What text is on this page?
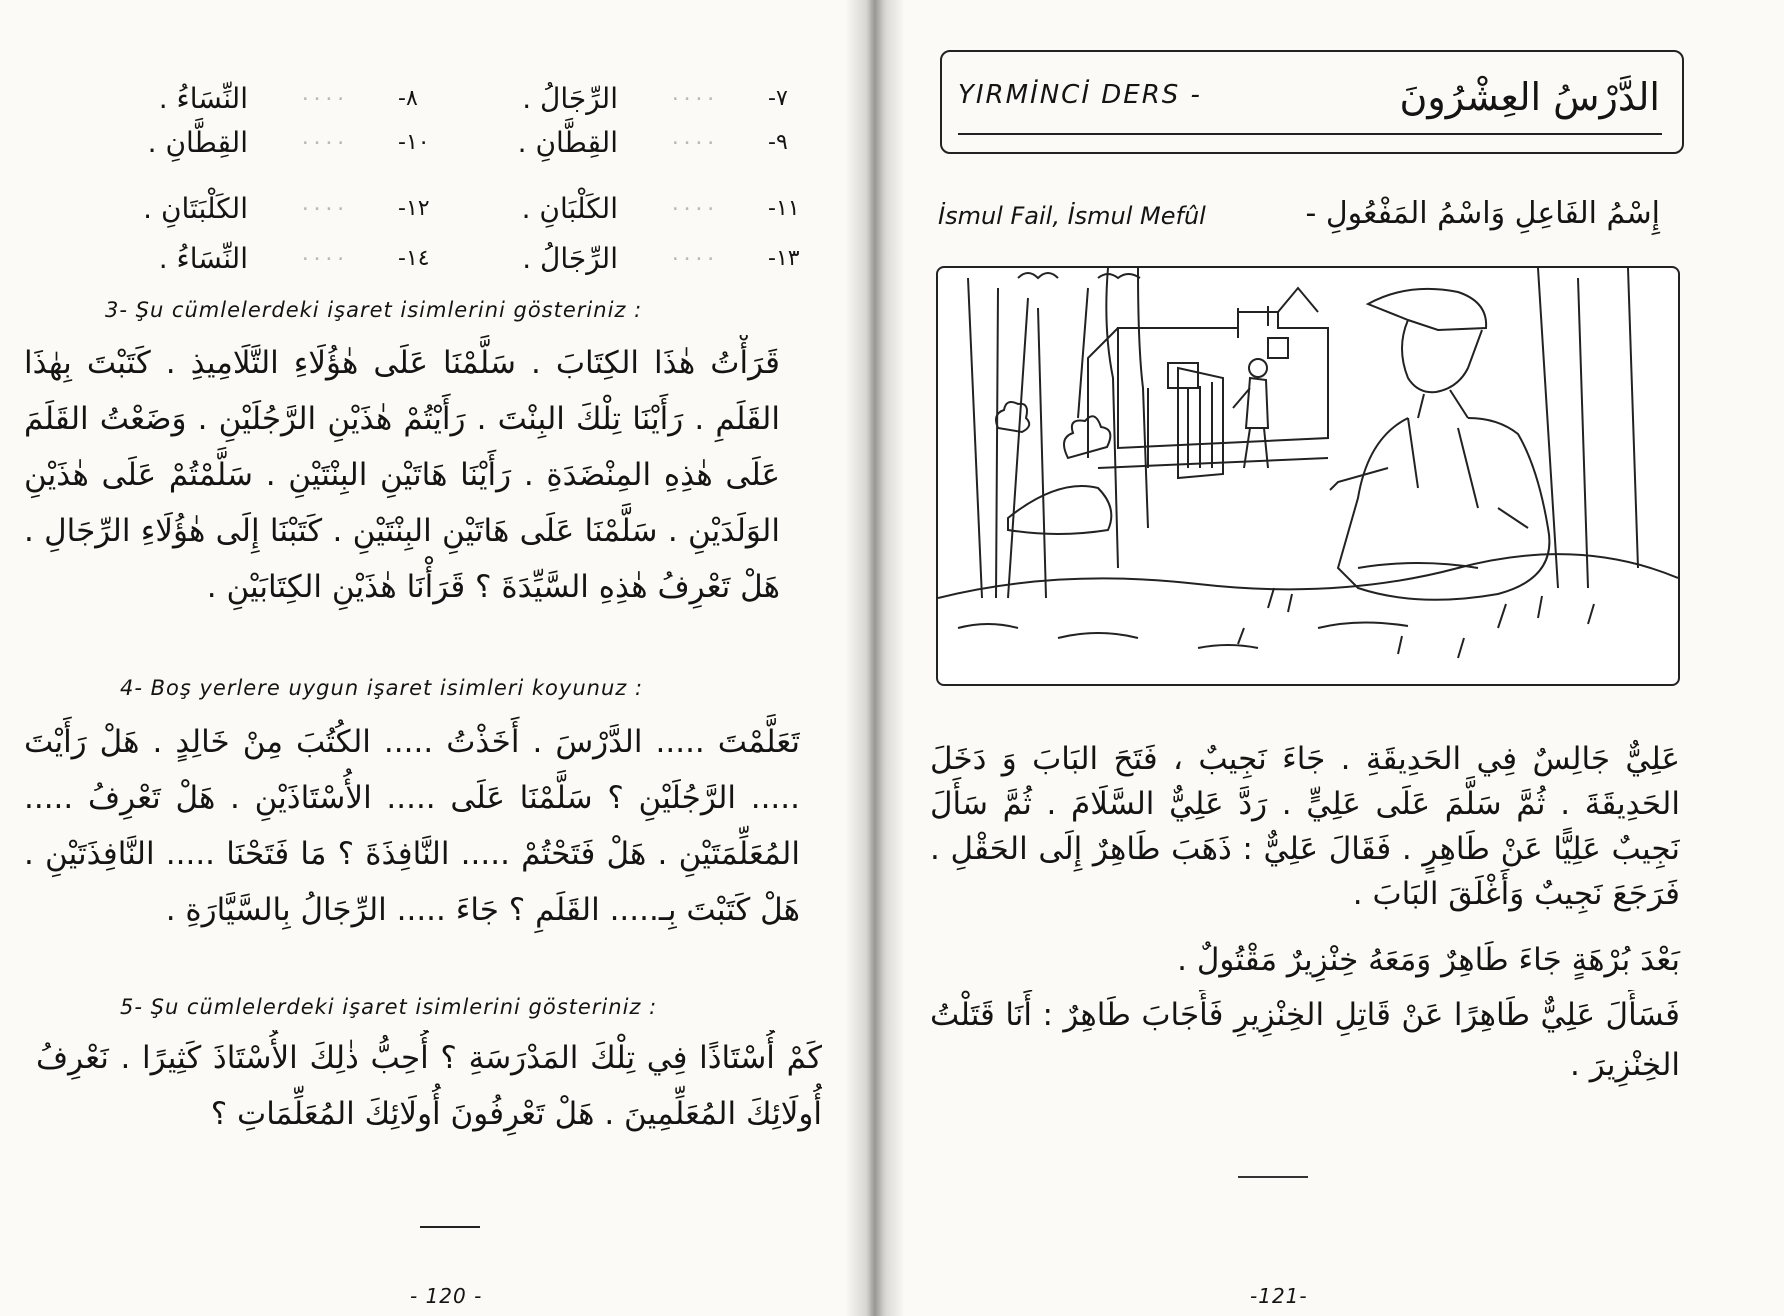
٧-
٠٠٠٠
الرِّجَالُ .
٨-
٠٠٠٠
النِّسَاءُ .
٩-
٠٠٠٠
القِطَّانِ .
١٠-
٠٠٠٠
القِطَّانِ .
١١-
٠٠٠٠
الكَلْبَانِ .
١٢-
٠٠٠٠
الكَلْبَتَانِ .
١٣-
٠٠٠٠
الرِّجَالُ .
١٤-
٠٠٠٠
النِّسَاءُ .
3- Şu cümlelerdeki işaret isimlerini gösteriniz :
قَرَأْتُ هٰذَا الكِتَابَ . سَلَّمْنَا عَلَى هٰؤُلَاءِ التَّلَامِيذِ . كَتَبْتَ بِهٰذَا القَلَمِ . رَأَيْنَا تِلْكَ البِنْتَ . رَأَيْتُمْ هٰذَيْنِ الرَّجُلَيْنِ . وَضَعْتُ القَلَمَ عَلَى هٰذِهِ المِنْضَدَةِ . رَأَيْنَا هَاتَيْنِ البِنْتَيْنِ . سَلَّمْتُمْ عَلَى هٰذَيْنِ الوَلَدَيْنِ . سَلَّمْنَا عَلَى هَاتَيْنِ البِنْتَيْنِ . كَتَبْنَا إِلَى هٰؤُلَاءِ الرِّجَالِ . هَلْ تَعْرِفُ هٰذِهِ السَّيِّدَةَ ؟ قَرَأْنَا هٰذَيْنِ الكِتَابَيْنِ .
4- Boş yerlere uygun işaret isimleri koyunuz :
تَعَلَّمْتَ ..... الدَّرْسَ . أَخَذْتُ ..... الكُتُبَ مِنْ خَالِدٍ . هَلْ رَأَيْتَ ..... الرَّجُلَيْنِ ؟ سَلَّمْنَا عَلَى ..... الأُسْتَاذَيْنِ . هَلْ تَعْرِفُ ..... المُعَلِّمَتَيْنِ . هَلْ فَتَحْتُمْ ..... النَّافِذَةَ ؟ مَا فَتَحْنَا ..... النَّافِذَتَيْنِ . هَلْ كَتَبْتَ بِـ..... القَلَمِ ؟ جَاءَ ..... الرِّجَالُ بِالسَّيَّارَةِ .
5- Şu cümlelerdeki işaret isimlerini gösteriniz :
كَمْ أُسْتَاذًا فِي تِلْكَ المَدْرَسَةِ ؟ أُحِبُّ ذٰلِكَ الأُسْتَاذَ كَثِيرًا . نَعْرِفُ أُولَائِكَ المُعَلِّمِينَ . هَلْ تَعْرِفُونَ أُولَائِكَ المُعَلِّمَاتِ ؟
- 120 -
YIRMİNCİ DERS -	الدَّرْسُ العِشْرُونَ
İsmul Fail, İsmul Mefûl	إِسْمُ الفَاعِلِ وَاسْمُ المَفْعُولِ -
عَلِيٌّ جَالِسٌ فِي الحَدِيقَةِ . جَاءَ نَجِيبٌ ، فَتَحَ البَابَ وَ دَخَلَ الحَدِيقَةَ . ثُمَّ سَلَّمَ عَلَى عَلِيٍّ . رَدَّ عَلِيٌّ السَّلَامَ . ثُمَّ سَأَلَ نَجِيبٌ عَلِيًّا عَنْ طَاهِرٍ . فَقَالَ عَلِيٌّ : ذَهَبَ طَاهِرٌ إِلَى الحَقْلِ . فَرَجَعَ نَجِيبٌ وَأَغْلَقَ البَابَ .
بَعْدَ بُرْهَةٍ جَاءَ طَاهِرٌ وَمَعَهُ خِنْزِيرٌ مَقْتُولٌ .
فَسَأَلَ عَلِيٌّ طَاهِرًا عَنْ قَاتِلِ الخِنْزِيرِ فَأَجَابَ طَاهِرٌ : أَنَا قَتَلْتُ الخِنْزِيرَ .
-121-
